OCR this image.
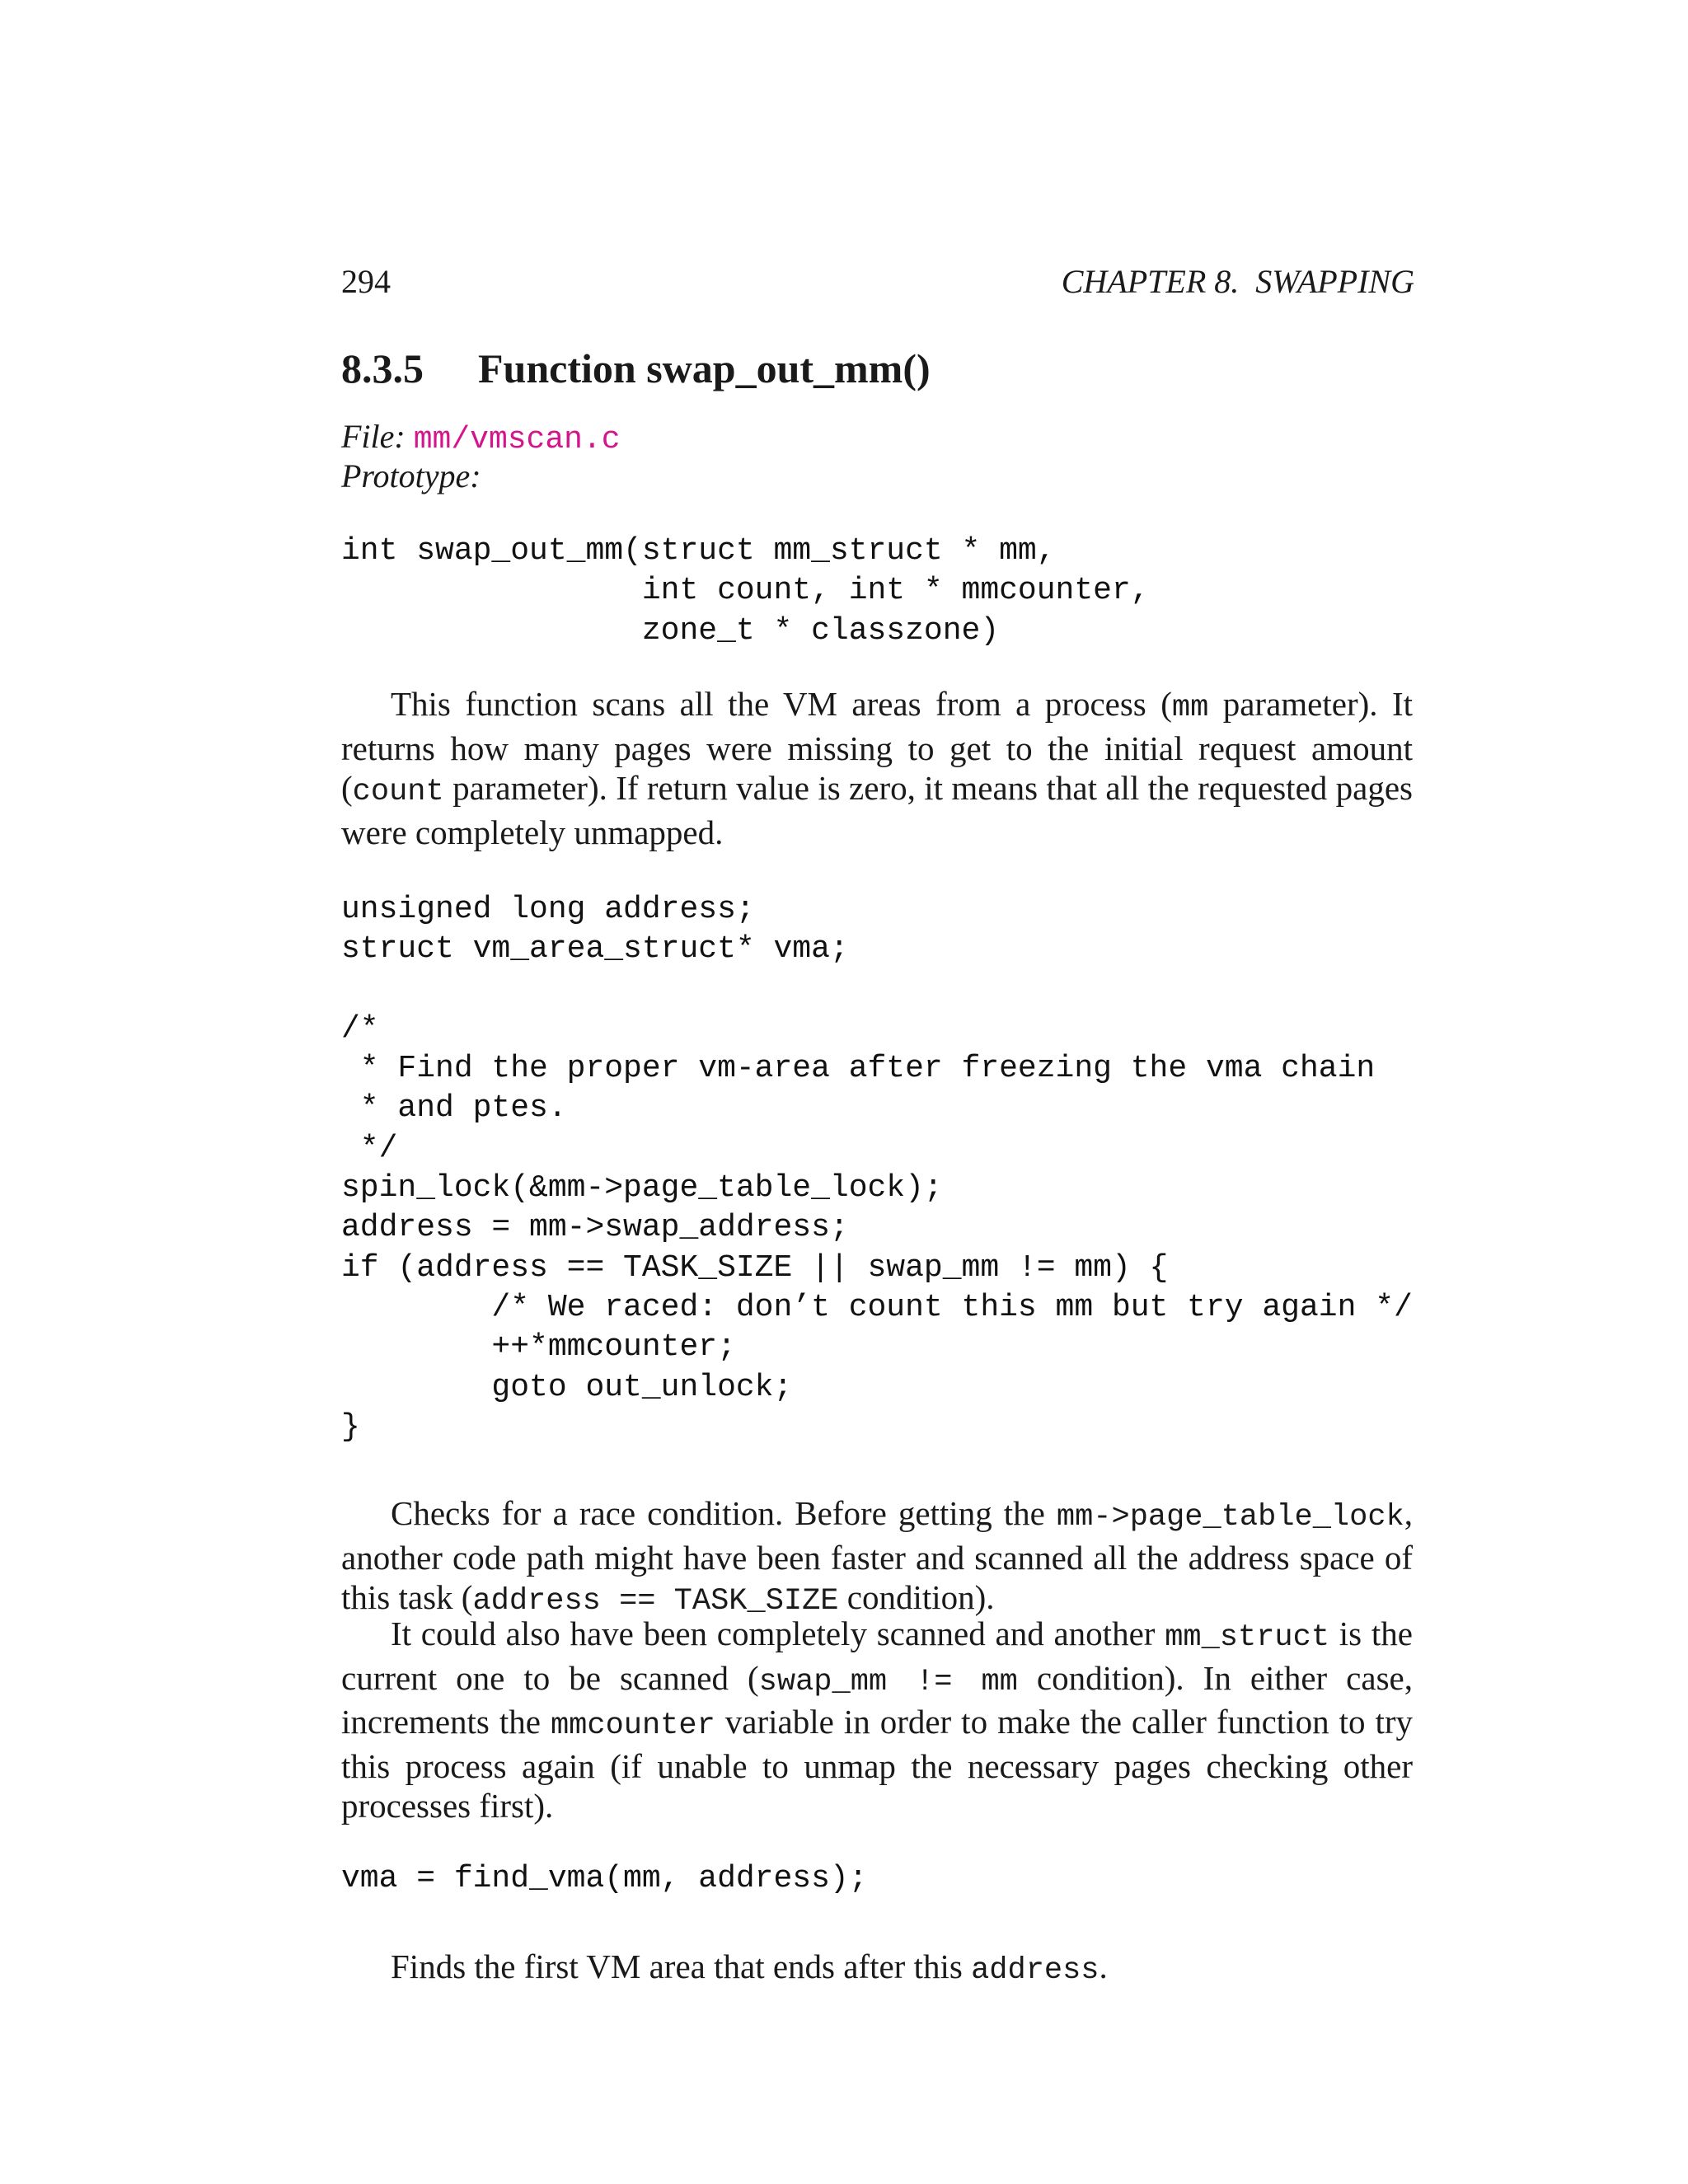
294	CHAPTER 8.  SWAPPING
8.3.5 Function swap_out_mm()
File: mm/vmscan.c
Prototype:
int swap_out_mm(struct mm_struct * mm,
int count, int * mmcounter,
zone_t * classzone)

This function scans all the VM areas from a process (mm parameter). It returns how many pages were missing to get to the initial request amount (count parameter). If return value is zero, it means that all the requested pages were completely unmapped.

unsigned long address;
struct vm_area_struct* vma;

/*
* Find the proper vm-area after freezing the vma chain
* and ptes.
*/
spin_lock(&mm->page_table_lock);
address = mm->swap_address;
if (address == TASK_SIZE || swap_mm != mm) {
/* We raced: don’t count this mm but try again */
++*mmcounter;
goto out_unlock;
}

Checks for a race condition. Before getting the mm->page_table_lock, another code path might have been faster and scanned all the address space of this task (address == TASK_SIZE condition).

It could also have been completely scanned and another mm_struct is the current one to be scanned (swap_mm != mm condition). In either case, increments the mmcounter variable in order to make the caller function to try this process again (if unable to unmap the necessary pages checking other processes first).

vma = find_vma(mm, address);

Finds the first VM area that ends after this address.
